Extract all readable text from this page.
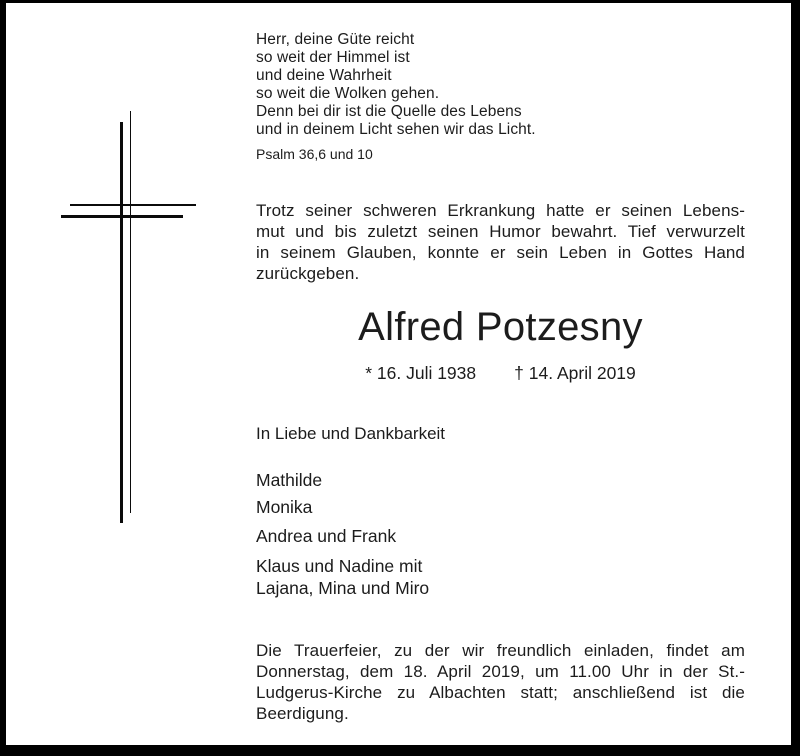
Herr, deine Güte reicht
so weit der Himmel ist
und deine Wahrheit
so weit die Wolken gehen.
Denn bei dir ist die Quelle des Lebens
und in deinem Licht sehen wir das Licht.
Psalm 36,6 und 10
Trotz seiner schweren Erkrankung hatte er seinen Lebens-
mut und bis zuletzt seinen Humor bewahrt. Tief verwurzelt
in seinem Glauben, konnte er sein Leben in Gottes Hand
zurückgeben.
Alfred Potzesny
* 16. Juli 1938 † 14. April 2019
In Liebe und Dankbarkeit
Mathilde
Monika
Andrea und Frank
Klaus und Nadine mit
Lajana, Mina und Miro
Die Trauerfeier, zu der wir freundlich einladen, findet am
Donnerstag, dem 18. April 2019, um 11.00 Uhr in der St.-
Ludgerus-Kirche zu Albachten statt; anschließend ist die
Beerdigung.
